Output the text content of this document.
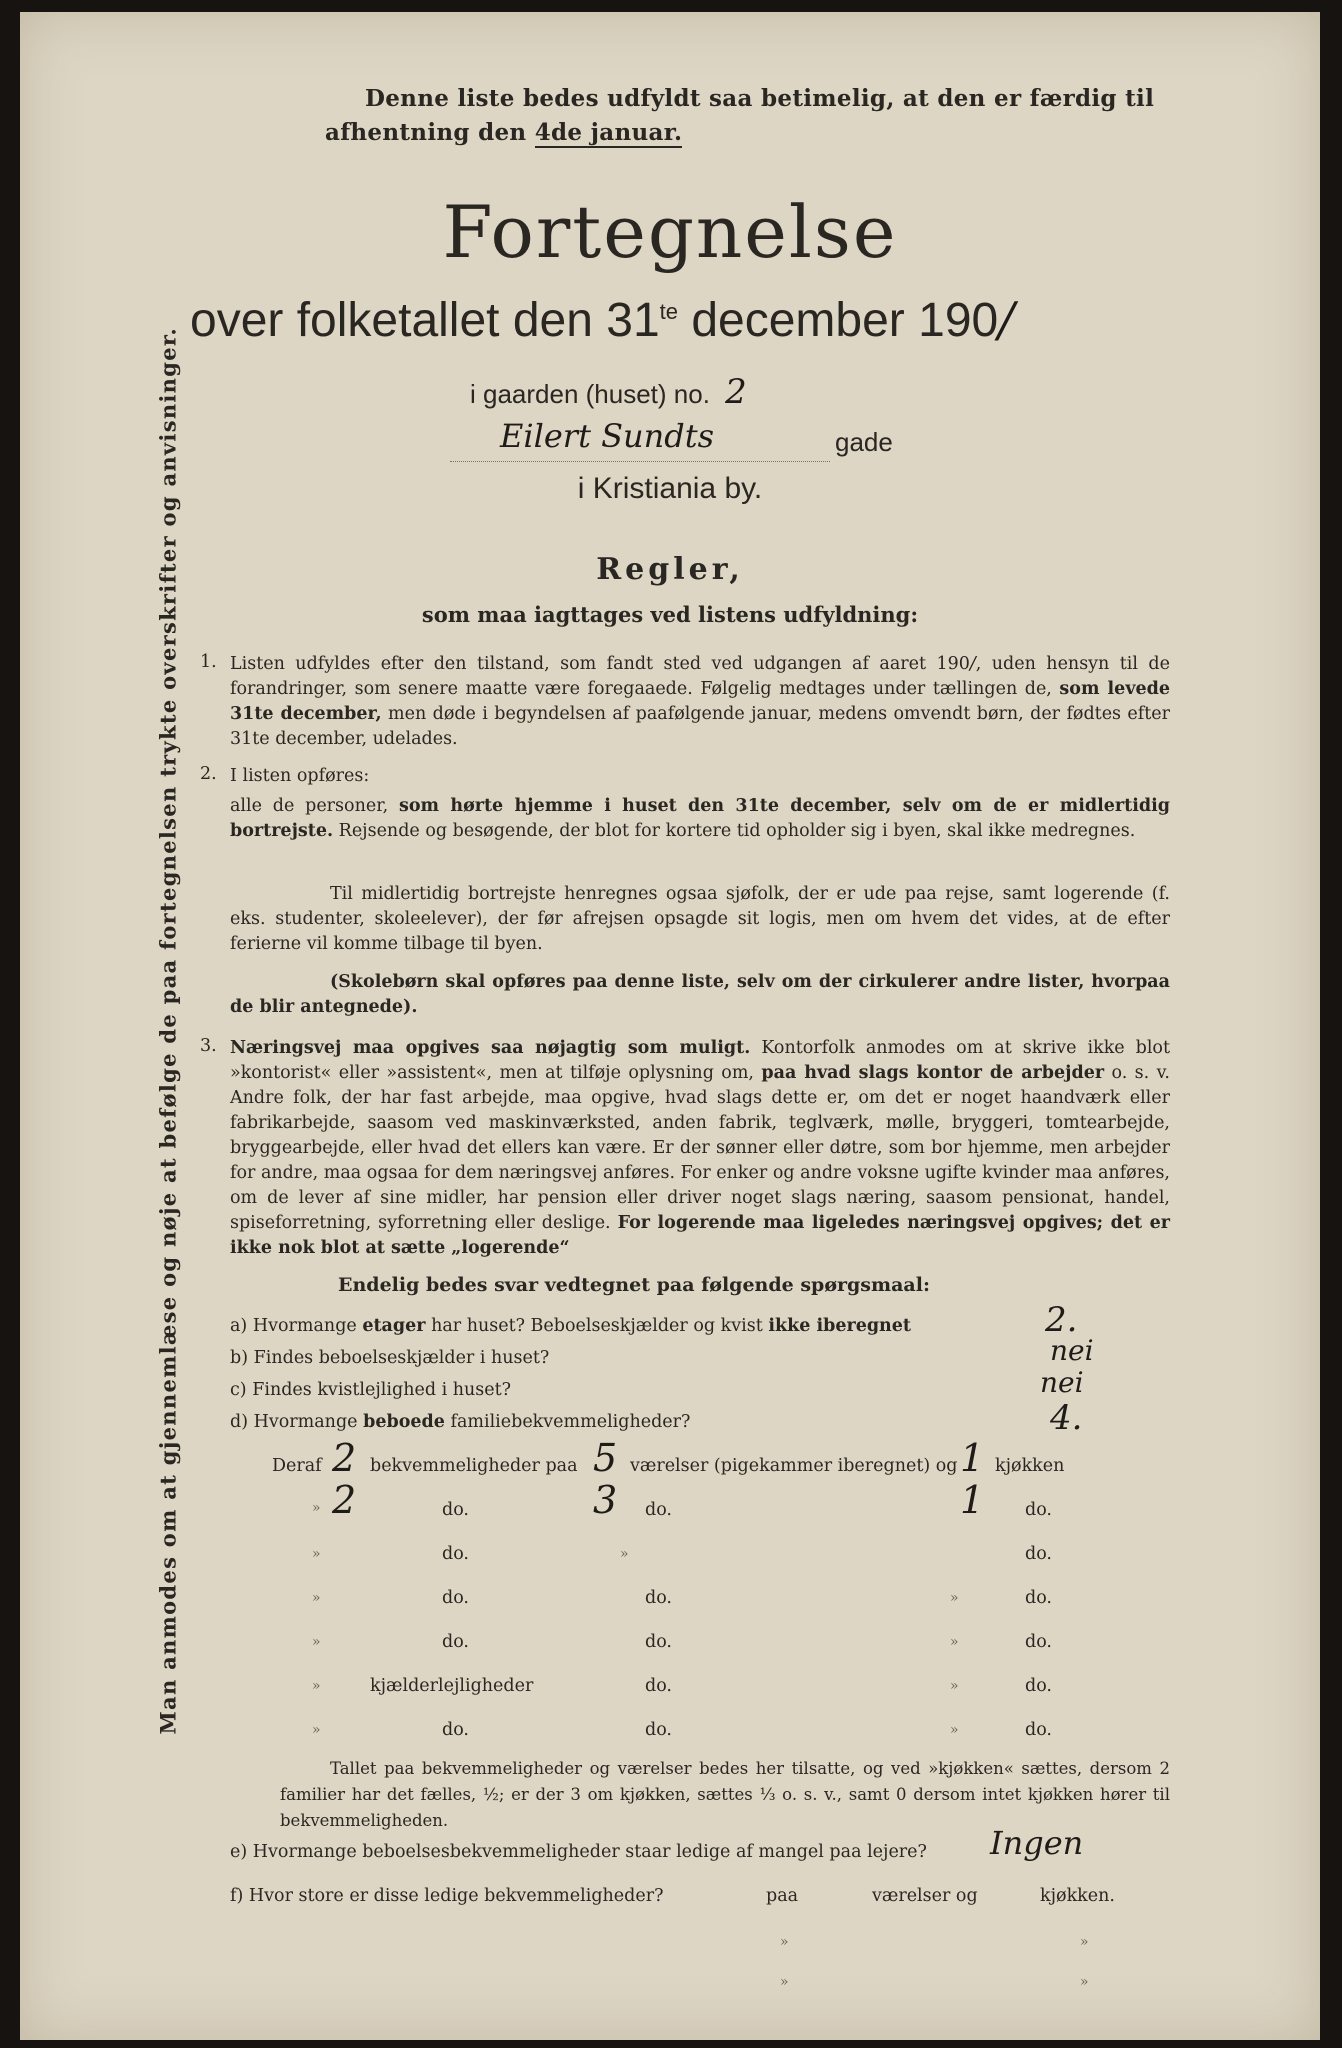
Man anmodes om at gjennemlæse og nøje at befølge de paa fortegnelsen trykte overskrifter og anvisninger.
Denne liste bedes udfyldt saa betimelig, at den er færdig til
afhentning den 4de januar.
Fortegnelse
over folketallet den $31^{te}$ december 190/
i gaarden (huset) no. 2
Eilert Sundts	gade
i Kristiania by.
Regler,
som maa iagttages ved listens udfyldning:
1. Listen udfyldes efter den tilstand, som fandt sted ved udgangen af aaret 190/, uden hensyn til de forandringer, som senere maatte være foregaaede. Følgelig medtages under tællingen de, som levede 31te december, men døde i begyndelsen af paafølgende januar, medens omvendt børn, der fødtes efter 31te december, udelades.
2. I listen opføres:
alle de personer, som hørte hjemme i huset den 31te december, selv om de er midlertidig bortrejste. Rejsende og besøgende, der blot for kortere tid opholder sig i byen, skal ikke medregnes.
Til midlertidig bortrejste henregnes ogsaa sjøfolk, der er ude paa rejse, samt logerende (f. eks. studenter, skoleelever), der før afrejsen opsagde sit logis, men om hvem det vides, at de efter ferierne vil komme tilbage til byen.
(Skolebørn skal opføres paa denne liste, selv om der cirkulerer andre lister, hvorpaa de blir antegnede).
3. Næringsvej maa opgives saa nøjagtig som muligt. Kontorfolk anmodes om at skrive ikke blot »kontorist« eller »assistent«, men at tilføje oplysning om, paa hvad slags kontor de arbejder o. s. v. Andre folk, der har fast arbejde, maa opgive, hvad slags dette er, om det er noget haandværk eller fabrikarbejde, saasom ved maskinværksted, anden fabrik, teglværk, mølle, bryggeri, tomtearbejde, bryggearbejde, eller hvad det ellers kan være. Er der sønner eller døtre, som bor hjemme, men arbejder for andre, maa ogsaa for dem næringsvej anføres. For enker og andre voksne ugifte kvinder maa anføres, om de lever af sine midler, har pension eller driver noget slags næring, saasom pensionat, handel, spiseforretning, syforretning eller deslige. For logerende maa ligeledes næringsvej opgives; det er ikke nok blot at sætte „logerende“
Endelig bedes svar vedtegnet paa følgende spørgsmaal:
a) Hvormange etager har huset? Beboelseskjælder og kvist ikke iberegnet	2.
b) Findes beboelseskjælder i huset?	nei
c) Findes kvistlejlighed i huset?	nei
d) Hvormange beboede familiebekvemmeligheder?	4.
Deraf 2 bekvemmeligheder paa 5 værelser (pigekammer iberegnet) og 1 kjøkken
» 2	do.	3 do.	1 do.
»	do.	»	do.
»	do.	do.	»	do.
»	do.	do.	»	do.
»	kjælderlejligheder	do.	»	do.
»	do.	do.	»	do.
Tallet paa bekvemmeligheder og værelser bedes her tilsatte, og ved »kjøkken« sættes, dersom 2 familier har det fælles, ½; er der 3 om kjøkken, sættes ⅓ o. s. v., samt 0 dersom intet kjøkken hører til bekvemmeligheden.
e) Hvormange beboelsesbekvemmeligheder staar ledige af mangel paa lejere? Ingen
f) Hvor store er disse ledige bekvemmeligheder?	paa	værelser og	kjøkken.
»	»
»	»
